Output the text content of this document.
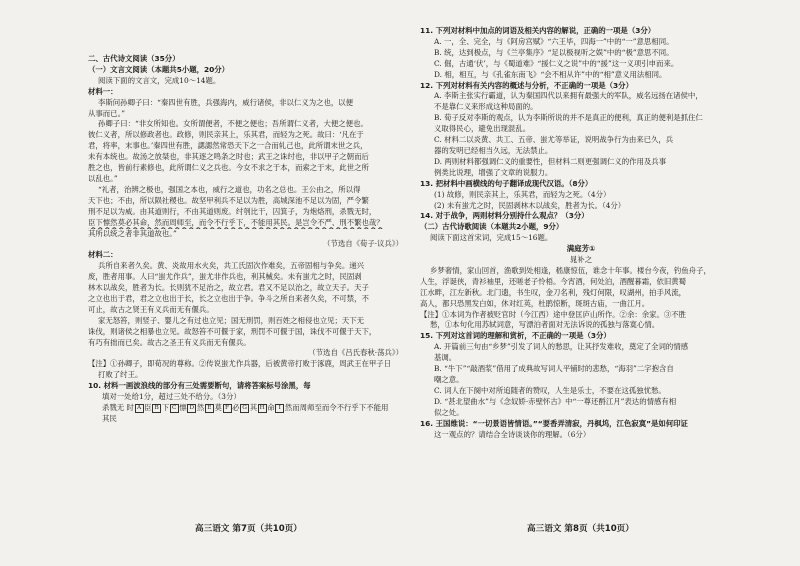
二、古代诗文阅读（35分）
（一）文言文阅读（本题共5小题，20分）
阅读下面的文言文，完成10～14题。
材料一：
李斯问孙卿子曰：“秦四世有胜，兵强海内，威行诸侯，非以仁义为之也，以便
从事而已。”
孙卿子曰：“非女所知也。女所谓便者，不便之便也；吾所谓仁义者，大便之便也。
彼仁义者，所以修政者也。政修，则民亲其上，乐其君，而轻为之死。故曰：‘凡在于
君，将率，末事也。’秦四世有胜，諰諰然常恐天下之一合而轧己也，此所谓末世之兵，
未有本统也。故汤之放桀也，非其逐之鸣条之时也；武王之诛纣也，非以甲子之朝而后
胜之也，皆前行素修也，此所谓仁义之兵也。今女不求之于本，而索之于末，此世之所
以乱也。”
“礼者，治辨之极也，强国之本也，威行之道也，功名之总也。王公由之，所以得
天下也；不由，所以陨社稷也。故坚甲利兵不足以为胜，高城深池不足以为固，严令繁
刑不足以为威。由其道则行，不由其道则废。纣刳比干，囚箕子，为炮烙刑，杀戮无时，
臣下懔然莫必其命，然而周师至，而令不行乎下，不能用其民。是岂令不严、刑不繁也哉？
其所以统之者非其道故也。”
（节选自《荀子·议兵》）
材料二：
兵所自来者久矣。黄、炎故用水火矣，共工氏固次作难矣，五帝固相与争矣。递兴
废，胜者用事。人曰“蚩尤作兵”，蚩尤非作兵也，利其械矣。未有蚩尤之时，民固剥
林木以战矣，胜者为长。长则犹不足治之，故立君。君又不足以治之，故立天子。天子
之立也出于君，君之立也出于长，长之立也出于争。争斗之所自来者久矣，不可禁，不
可止，故古之贤王有义兵而无有偃兵。
家无怒笞，则竖子、婴儿之有过也立见；国无刑罚，则百姓之相侵也立见；天下无
诛伐，则诸侯之相暴也立见。故怒笞不可偃于家，刑罚不可偃于国，诛伐不可偃于天下，
有巧有拙而已矣。故古之圣王有义兵而无有偃兵。
（节选自《吕氏春秋·荡兵》）
【注】①孙卿子，即荀况的尊称。②传说蚩尤作兵器，后被黄帝打败于涿鹿，周武王在甲子日
打败了纣王。
10. 材料一画波浪线的部分有三处需要断句，请将答案标号涂黑，每
填对一处给1分，超过三处不给分。（3分）
杀戮无 时 A 臣 B 下 C 懔 D 然 E 莫 F 必 G 其 H 命 I 然而周师至而令不行乎下不能用
其民
11. 下列对材料中加点的词语及相关内容的解说，正确的一项是（3分）
A. 一，全、完全，与《阿房宫赋》“六王毕，四海一”中的“一”意思相同。
B. 统，达到极点，与《兰亭集序》“足以极视听之娱”中的“极”意思不同。
C. 倔，古通‘伏’，与《蜀道难》“援仁义之说”中的“援”这一义项引申而来。
D. 相，相互，与《孔雀东南飞》“会不相从许”中的“相”意义用法相同。
12. 下列对材料有关内容的概述与分析，不正确的一项是（3分）
A. 李斯主张实行霸道，认为秦国四代以来拥有最强大的军队，威名远扬在诸侯中，
不是靠仁义来形成这种局面的。
B. 荀子反对李斯的观点，认为李斯所说的并不是真正的便利，真正的便利是抓住仁
义取得民心，避免出现混乱。
C. 材料二以炎黄、共工、五帝、蚩尤等举证，说明战争行为由来已久，兵
器的发明已经相当久远，无法禁止。
D. 两则材料都强调仁义的重要性，但材料二则更强调仁义的作用及兵事
例类比说理，增强了文章的说服力。
13. 把材料中画横线的句子翻译成现代汉语。（8分）
(1) 故修，则民亲其上，乐其君，而轻为之死。（4分）
(2) 未有蚩尤之时，民固剥林木以战矣，胜者为长。（4分）
14. 对于战争，两则材料分别持什么观点？（3分）
（二）古代诗歌阅读（本题共2小题，9分）
阅读下面这首宋词，完成15～16题。
满庭芳①
晁补之
乡梦奢情，家山回首，渔歌到处相逢，嵇康惊伍，谁念十年事。楼台今夜，钓鱼舟子，
人生，浮诞侠，青衫袖里，还嗟老子怜梧。今宵酒，何处泊，酒醒暮霜，依旧黄蜀
江水畔，江左新秋。北门遗，书生叹，金刀名利，残灯何限，叹湖州，拍手风流，
高人，都只恐黑发白如，休对红英，杜鹃惊断，斑斑古庙，一曲江月。
【注】①本词为作者被贬官时（今江西）途中登匡庐山所作。②余：余家。③不胜
愁，①本句化用苏轼词意，写漂泊者面对无法诉说的孤独与落寞心情。
15. 下列对这首词的理解和赏析，不正确的一项是（3分）
A. 开篇前三句由“乡梦”引发了词人的愁思，让其抒发难收，奠定了全词的情感
基调。
B. “牛下”“敲酒浆”借用了成典故写词人平铺时的悲愁，“海羽”二字抱含自
嘲之意。
C. 词人在下阕中对所追随者的赞叹，人生是乐士，不要在这孤独忧愁。
D. “甚北望曲水”与《念奴娇·赤壁怀古》中“一尊还酹江月”表达的情感有相
似之处。
16. 王国维说：“一切景语皆情语。”“要香弄清寂，丹枫坞，江色寂寞”是如何印证
这一观点的？请结合全诗谈谈你的理解。（6分）
高三语文 第7页（共10页）	高三语文 第8页（共10页）
